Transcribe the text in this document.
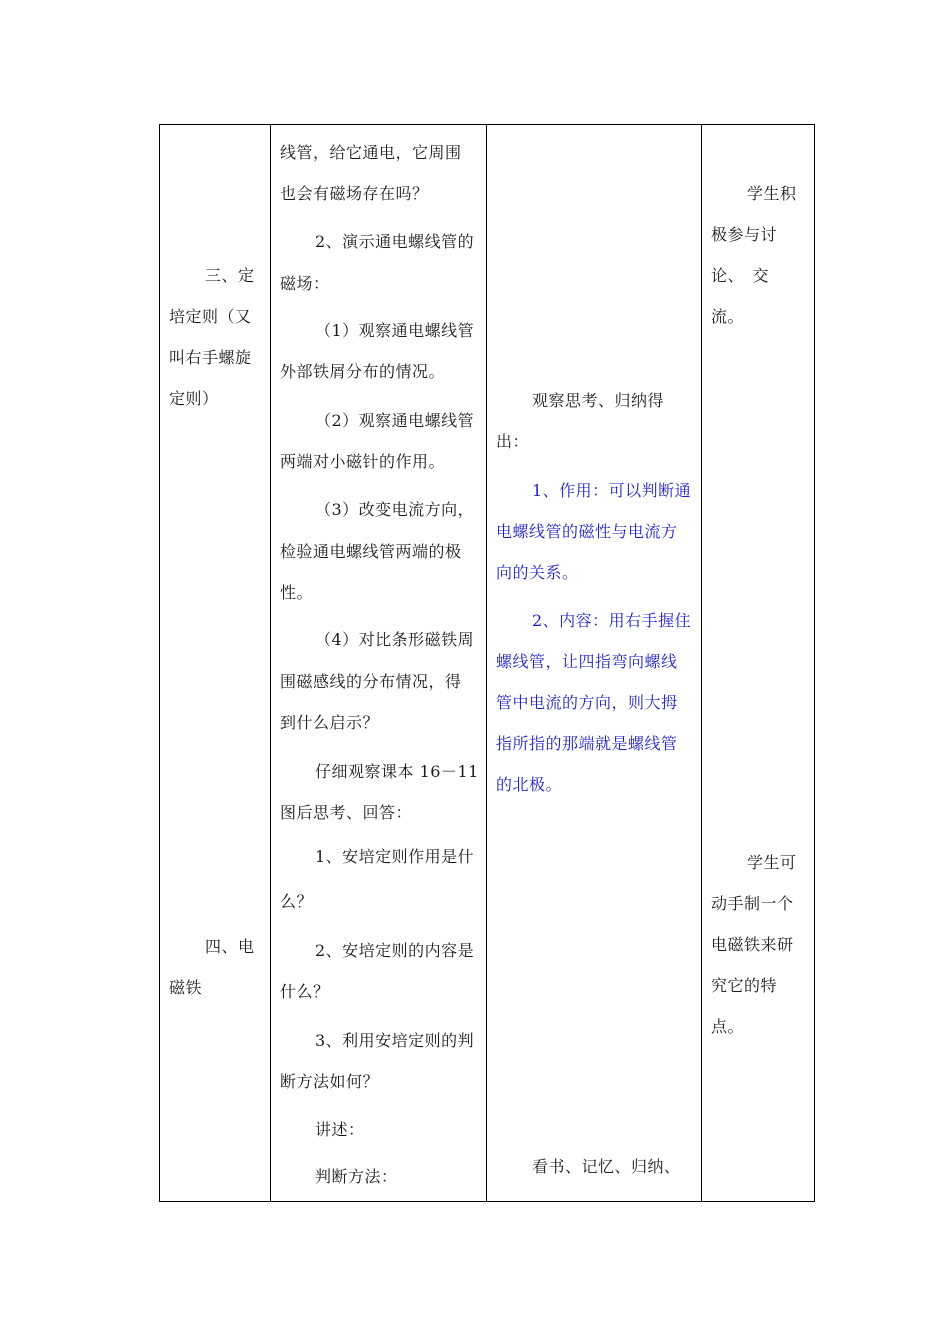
三、定
培定则（又
叫右手螺旋
定则）
四、电
磁铁
线管，给它通电，它周围
也会有磁场存在吗？
2、演示通电螺线管的
磁场：
（1）观察通电螺线管
外部铁屑分布的情况。
（2）观察通电螺线管
两端对小磁针的作用。
（3）改变电流方向，
检验通电螺线管两端的极
性。
（4）对比条形磁铁周
围磁感线的分布情况，得
到什么启示？
仔细观察课本 16－11
图后思考、回答：
1、安培定则作用是什
么？
2、安培定则的内容是
什么？
3、利用安培定则的判
断方法如何？
讲述：
判断方法：
观察思考、归纳得
出：
1、作用：可以判断通
电螺线管的磁性与电流方
向的关系。
2、内容：用右手握住
螺线管，让四指弯向螺线
管中电流的方向，则大拇
指所指的那端就是螺线管
的北极。
看书、记忆、归纳、
学生积
极参与讨
论、　交
流。
学生可
动手制一个
电磁铁来研
究它的特
点。
